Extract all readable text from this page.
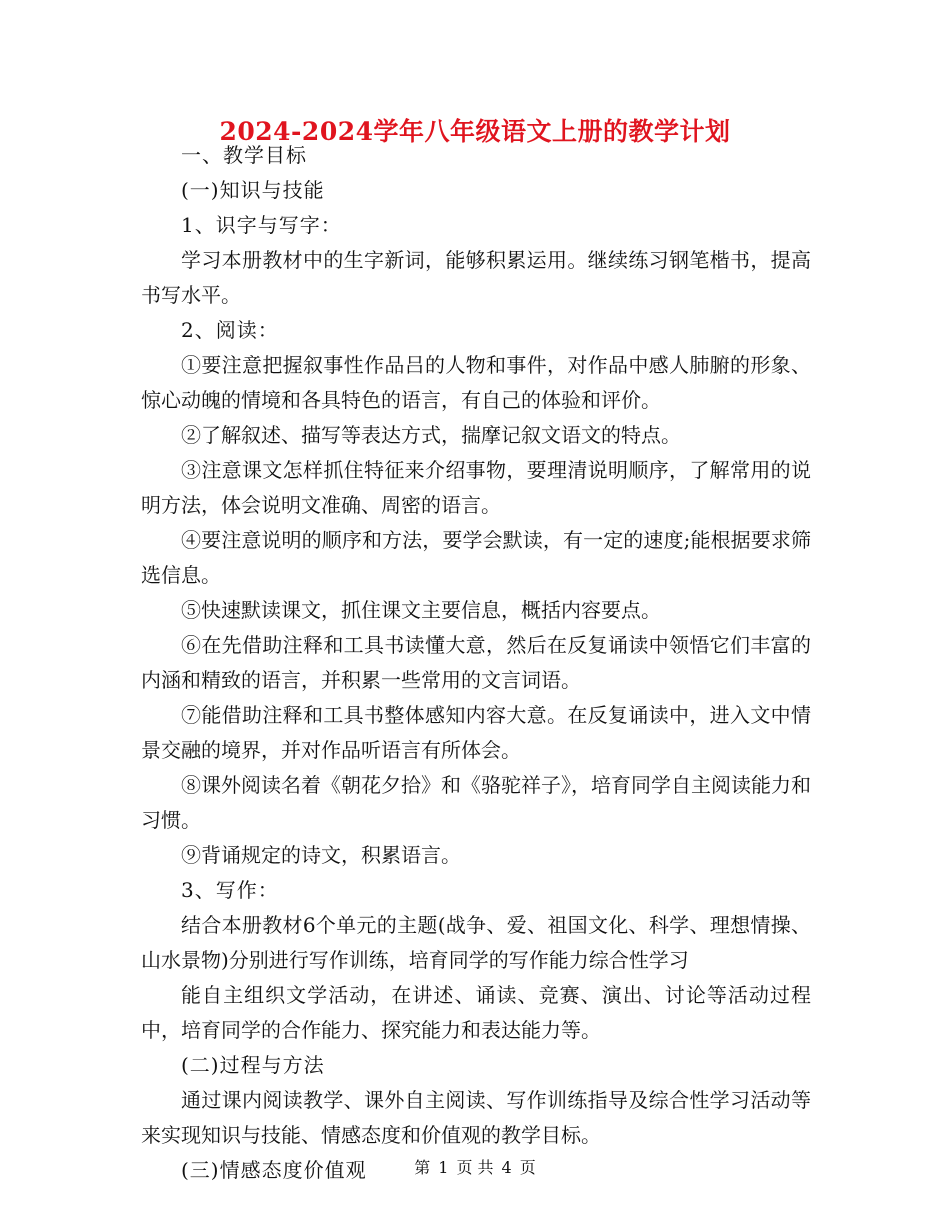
2024-2024学年八年级语文上册的教学计划

一、教学目标

(一)知识与技能

1、识字与写字：

学习本册教材中的生字新词，能够积累运用。继续练习钢笔楷书，提高书写水平。

2、阅读：

①要注意把握叙事性作品吕的人物和事件，对作品中感人肺腑的形象、惊心动魄的情境和各具特色的语言，有自己的体验和评价。

②了解叙述、描写等表达方式，揣摩记叙文语文的特点。

③注意课文怎样抓住特征来介绍事物，要理清说明顺序，了解常用的说明方法，体会说明文准确、周密的语言。

④要注意说明的顺序和方法，要学会默读，有一定的速度;能根据要求筛选信息。

⑤快速默读课文，抓住课文主要信息，概括内容要点。

⑥在先借助注释和工具书读懂大意，然后在反复诵读中领悟它们丰富的内涵和精致的语言，并积累一些常用的文言词语。

⑦能借助注释和工具书整体感知内容大意。在反复诵读中，进入文中情景交融的境界，并对作品听语言有所体会。

⑧课外阅读名着《朝花夕拾》和《骆驼祥子》，培育同学自主阅读能力和习惯。

⑨背诵规定的诗文，积累语言。

3、写作：

结合本册教材6个单元的主题(战争、爱、祖国文化、科学、理想情操、山水景物)分别进行写作训练，培育同学的写作能力综合性学习

能自主组织文学活动，在讲述、诵读、竞赛、演出、讨论等活动过程中，培育同学的合作能力、探究能力和表达能力等。

(二)过程与方法

通过课内阅读教学、课外自主阅读、写作训练指导及综合性学习活动等来实现知识与技能、情感态度和价值观的教学目标。

(三)情感态度价值观	第 1 页 共 4 页
